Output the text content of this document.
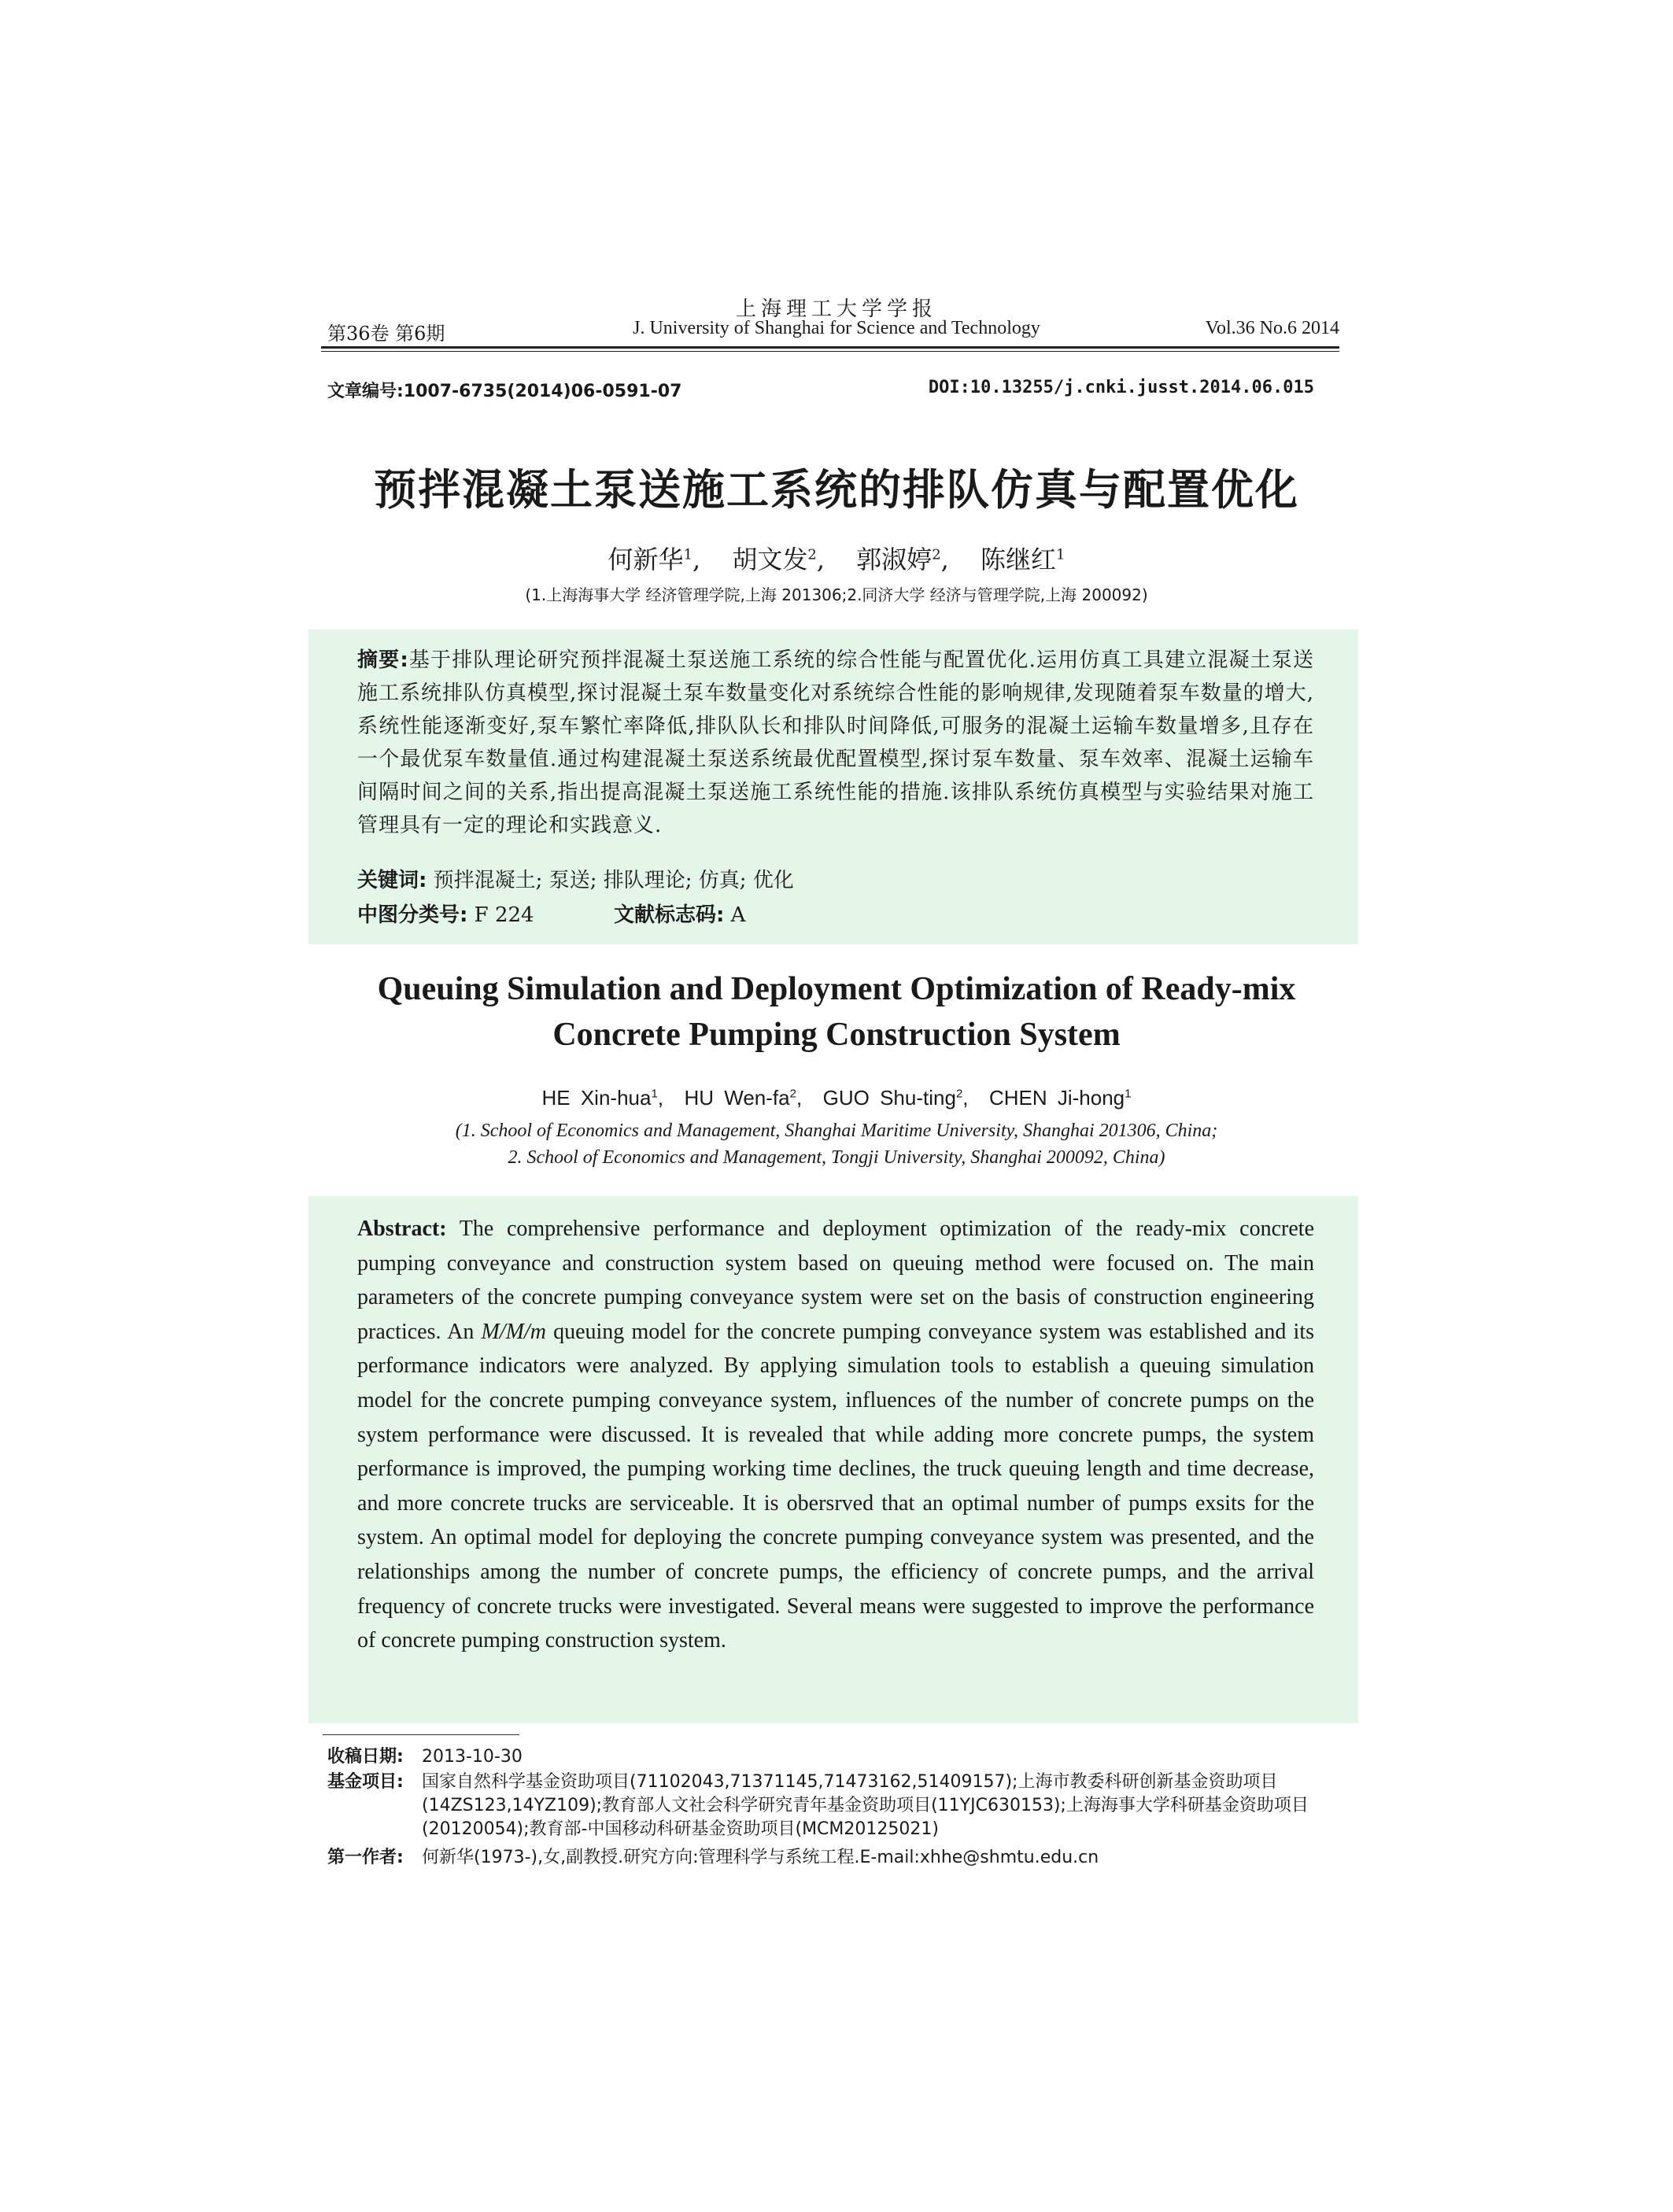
上海理工大学学报
第36卷 第6期	J. University of Shanghai for Science and Technology	Vol.36 No.6 2014
文章编号:1007-6735(2014)06-0591-07	DOI:10.13255/j.cnki.jusst.2014.06.015
预拌混凝土泵送施工系统的排队仿真与配置优化
何新华$^1$, 胡文发$^2$, 郭淑婷$^2$, 陈继红$^1$
(1.上海海事大学 经济管理学院,上海 201306;2.同济大学 经济与管理学院,上海 200092)
摘要:基于排队理论研究预拌混凝土泵送施工系统的综合性能与配置优化.运用仿真工具建立混凝土泵送施工系统排队仿真模型,探讨混凝土泵车数量变化对系统综合性能的影响规律,发现随着泵车数量的增大,系统性能逐渐变好,泵车繁忙率降低,排队队长和排队时间降低,可服务的混凝土运输车数量增多,且存在一个最优泵车数量值.通过构建混凝土泵送系统最优配置模型,探讨泵车数量、泵车效率、混凝土运输车间隔时间之间的关系,指出提高混凝土泵送施工系统性能的措施.该排队系统仿真模型与实验结果对施工管理具有一定的理论和实践意义.
关键词: 预拌混凝土; 泵送; 排队理论; 仿真; 优化
中图分类号: F 224	文献标志码: A
Queuing Simulation and Deployment Optimization of Ready-mix
Concrete Pumping Construction System
HE Xin-hua$^1$, HU Wen-$fa^2$, GUO Shu-ting$^2$, CHEN Ji-hong$^1$
(1. School of Economics and Management, Shanghai Maritime University, Shanghai 201306, China;
2. School of Economics and Management, Tongji University, Shanghai 200092, China)
Abstract: The comprehensive performance and deployment optimization of the ready-mix concrete pumping conveyance and construction system based on queuing method were focused on. The main parameters of the concrete pumping conveyance system were set on the basis of construction engineering practices. An M/M/m queuing model for the concrete pumping conveyance system was established and its performance indicators were analyzed. By applying simulation tools to establish a queuing simulation model for the concrete pumping conveyance system, influences of the number of concrete pumps on the system performance were discussed. It is revealed that while adding more concrete pumps, the system performance is improved, the pumping working time declines, the truck queuing length and time decrease, and more concrete trucks are serviceable. It is obersrved that an optimal number of pumps exsits for the system. An optimal model for deploying the concrete pumping conveyance system was presented, and the relationships among the number of concrete pumps, the efficiency of concrete pumps, and the arrival frequency of concrete trucks were investigated. Several means were suggested to improve the performance of concrete pumping construction system.
收稿日期: 2013-10-30
基金项目: 国家自然科学基金资助项目(71102043,71371145,71473162,51409157);上海市教委科研创新基金资助项目(14ZS123,14YZ109);教育部人文社会科学研究青年基金资助项目(11YJC630153);上海海事大学科研基金资助项目(20120054);教育部-中国移动科研基金资助项目(MCM20125021)
第一作者: 何新华(1973-),女,副教授.研究方向:管理科学与系统工程.E-mail:xhhe@shmtu.edu.cn
